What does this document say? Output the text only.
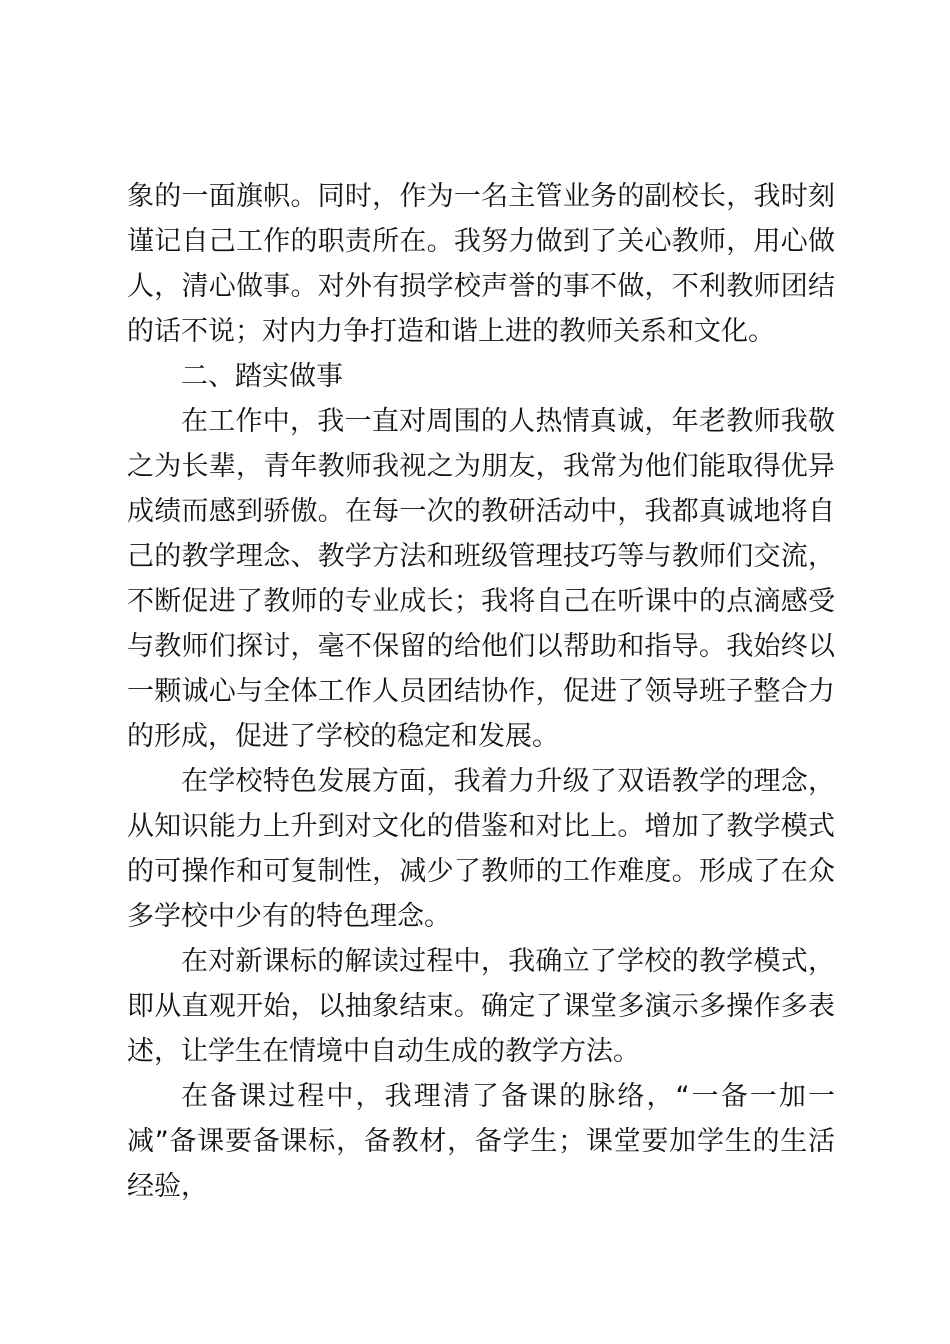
象的一面旗帜。同时，作为一名主管业务的副校长，我时刻谨记自己工作的职责所在。我努力做到了关心教师，用心做人，清心做事。对外有损学校声誉的事不做，不利教师团结的话不说；对内力争打造和谐上进的教师关系和文化。

二、踏实做事

在工作中，我一直对周围的人热情真诚，年老教师我敬之为长辈，青年教师我视之为朋友，我常为他们能取得优异成绩而感到骄傲。在每一次的教研活动中，我都真诚地将自己的教学理念、教学方法和班级管理技巧等与教师们交流，不断促进了教师的专业成长；我将自己在听课中的点滴感受与教师们探讨，毫不保留的给他们以帮助和指导。我始终以一颗诚心与全体工作人员团结协作，促进了领导班子整合力的形成，促进了学校的稳定和发展。

在学校特色发展方面，我着力升级了双语教学的理念，从知识能力上升到对文化的借鉴和对比上。增加了教学模式的可操作和可复制性，减少了教师的工作难度。形成了在众多学校中少有的特色理念。

在对新课标的解读过程中，我确立了学校的教学模式，即从直观开始，以抽象结束。确定了课堂多演示多操作多表述，让学生在情境中自动生成的教学方法。

在备课过程中，我理清了备课的脉络，“一备一加一减”备课要备课标，备教材，备学生；课堂要加学生的生活经验，
